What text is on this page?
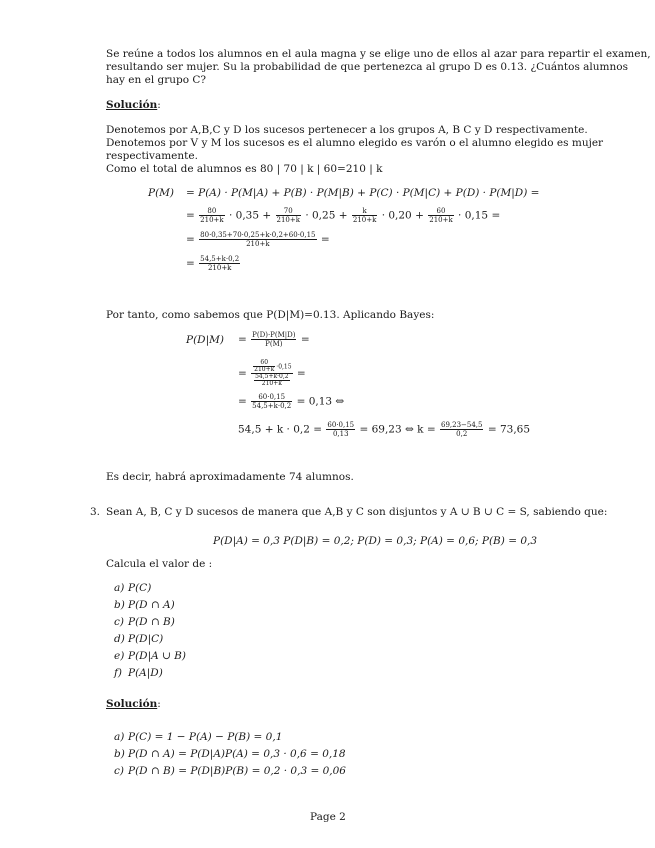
Se reúne a todos los alumnos en el aula magna y se elige uno de ellos al azar para repartir el examen,
resultando ser mujer. Su la probabilidad de que pertenezca al grupo D es 0.13. ¿Cuántos alumnos
hay en el grupo C?
Solución:
Denotemos por A,B,C y D los sucesos pertenecer a los grupos A, B C y D respectivamente.
Denotemos por V y M los sucesos es el alumno elegido es varón o el alumno elegido es mujer
respectivamente.
Como el total de alumnos es 80 | 70 | k | 60=210 | k
P(M) = P(A) · P(M|A) + P(B) · P(M|B) + P(C) · P(M|C) + P(D) · P(M|D) =
= $\frac{80}{210+k} \cdot 0,35 + \frac{70}{210+k} \cdot 0,25 + \frac{k}{210+k} \cdot 0,20 + \frac{60}{210+k} \cdot 0,15$ =
= $\frac{80\cdot 0,35+70\cdot 0,25+k\cdot 0,2+60\cdot 0,15}{210+k}$ =
= $\frac{54,5+k\cdot 0,2}{210+k}$
Por tanto, como sabemos que P(D|M)=0.13. Aplicando Bayes:
$P(D|M) = \frac{P(D)\cdot P(M|D)}{P(M)}$ =
= $\frac{\frac{60}{210+k} \cdot 0,15}{\frac{54,5+k\cdot 0,2}{210+k}}$ =
= $\frac{60\cdot 0,15}{54,5+k\cdot 0,2} = 0,13$ ⇔
$54,5 + k \cdot 0,2 = \frac{60\cdot 0,15}{0,13} = 69,23$ ⇔ $k = \frac{69,23-54,5}{0,2} = 73,65$
Es decir, habrá aproximadamente 74 alumnos.
3. Sean A, B, C y D sucesos de manera que A,B y C son disjuntos y A ∪ B ∪ C = S, sabiendo que:
P(D|A) = 0,3 P(D|B) = 0,2; P(D) = 0,3; P(A) = 0,6; P(B) = 0,3
Calcula el valor de :
a) P(C)
b) P(D ∩ A)
c) P(D ∩ B)
d) P(D|C)
e) P(D|A ∪ B)
f) P(A|D)
Solución:
a) P(C) = 1 − P(A) − P(B) = 0,1
b) P(D ∩ A) = P(D|A)P(A) = 0,3 · 0,6 = 0,18
c) P(D ∩ B) = P(D|B)P(B) = 0,2 · 0,3 = 0,06
Page 2
